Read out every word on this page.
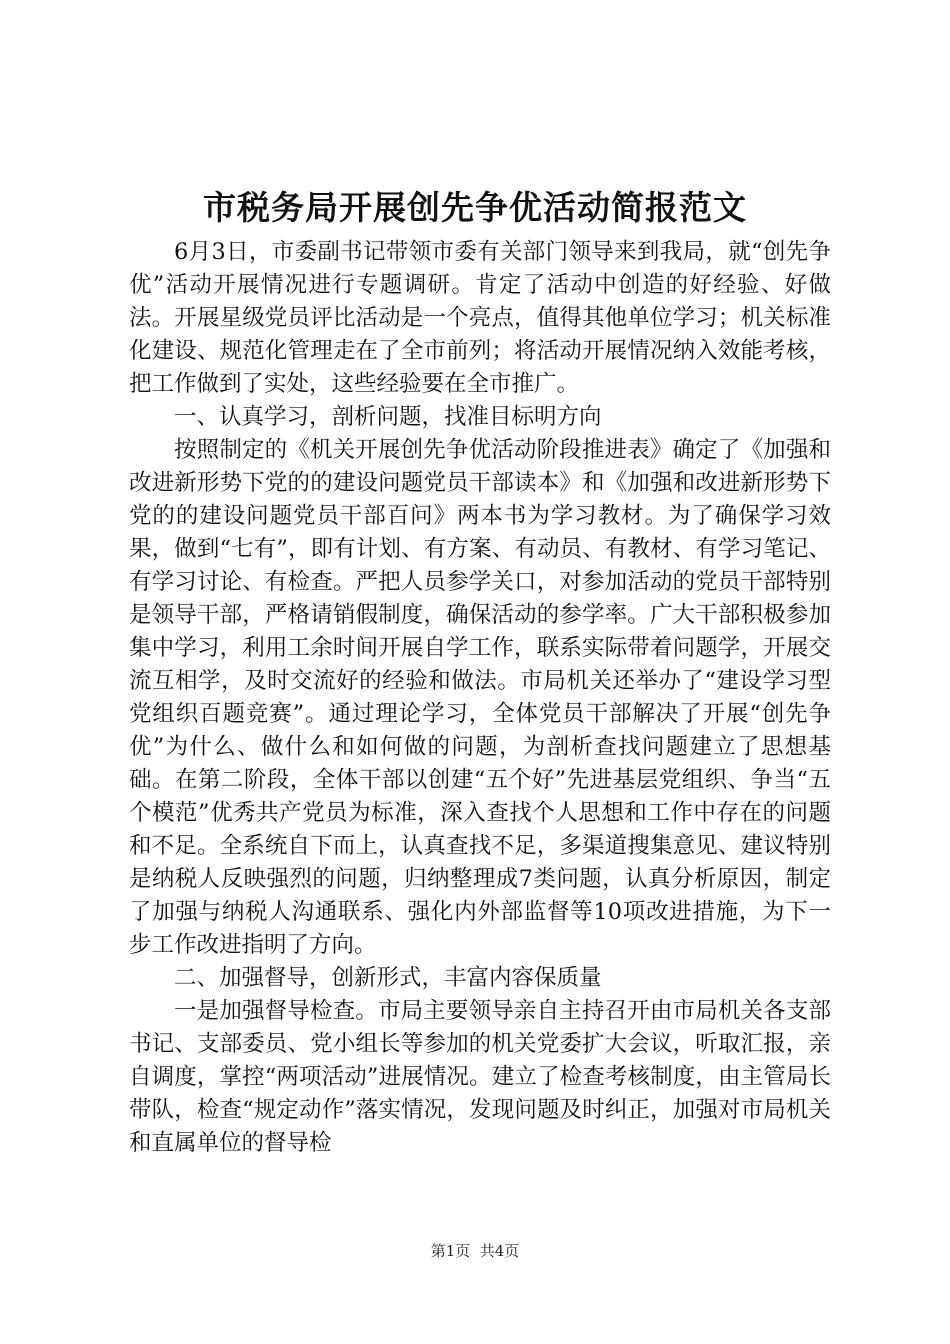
市税务局开展创先争优活动简报范文

6月3日，市委副书记带领市委有关部门领导来到我局，就“创先争优”活动开展情况进行专题调研。肯定了活动中创造的好经验、好做法。开展星级党员评比活动是一个亮点，值得其他单位学习；机关标准化建设、规范化管理走在了全市前列；将活动开展情况纳入效能考核，把工作做到了实处，这些经验要在全市推广。

一、认真学习，剖析问题，找准目标明方向

按照制定的《机关开展创先争优活动阶段推进表》确定了《加强和改进新形势下党的的建设问题党员干部读本》和《加强和改进新形势下党的的建设问题党员干部百问》两本书为学习教材。为了确保学习效果，做到“七有”，即有计划、有方案、有动员、有教材、有学习笔记、有学习讨论、有检查。严把人员参学关口，对参加活动的党员干部特别是领导干部，严格请销假制度，确保活动的参学率。广大干部积极参加集中学习，利用工余时间开展自学工作，联系实际带着问题学，开展交流互相学，及时交流好的经验和做法。市局机关还举办了“建设学习型党组织百题竞赛”。通过理论学习，全体党员干部解决了开展“创先争优”为什么、做什么和如何做的问题，为剖析查找问题建立了思想基础。在第二阶段，全体干部以创建“五个好”先进基层党组织、争当“五个模范”优秀共产党员为标准，深入查找个人思想和工作中存在的问题和不足。全系统自下而上，认真查找不足，多渠道搜集意见、建议特别是纳税人反映强烈的问题，归纳整理成7类问题，认真分析原因，制定了加强与纳税人沟通联系、强化内外部监督等10项改进措施，为下一步工作改进指明了方向。

二、加强督导，创新形式，丰富内容保质量

一是加强督导检查。市局主要领导亲自主持召开由市局机关各支部书记、支部委员、党小组长等参加的机关党委扩大会议，听取汇报，亲自调度，掌控“两项活动”进展情况。建立了检查考核制度，由主管局长带队，检查“规定动作”落实情况，发现问题及时纠正，加强对市局机关和直属单位的督导检

第1页  共4页
